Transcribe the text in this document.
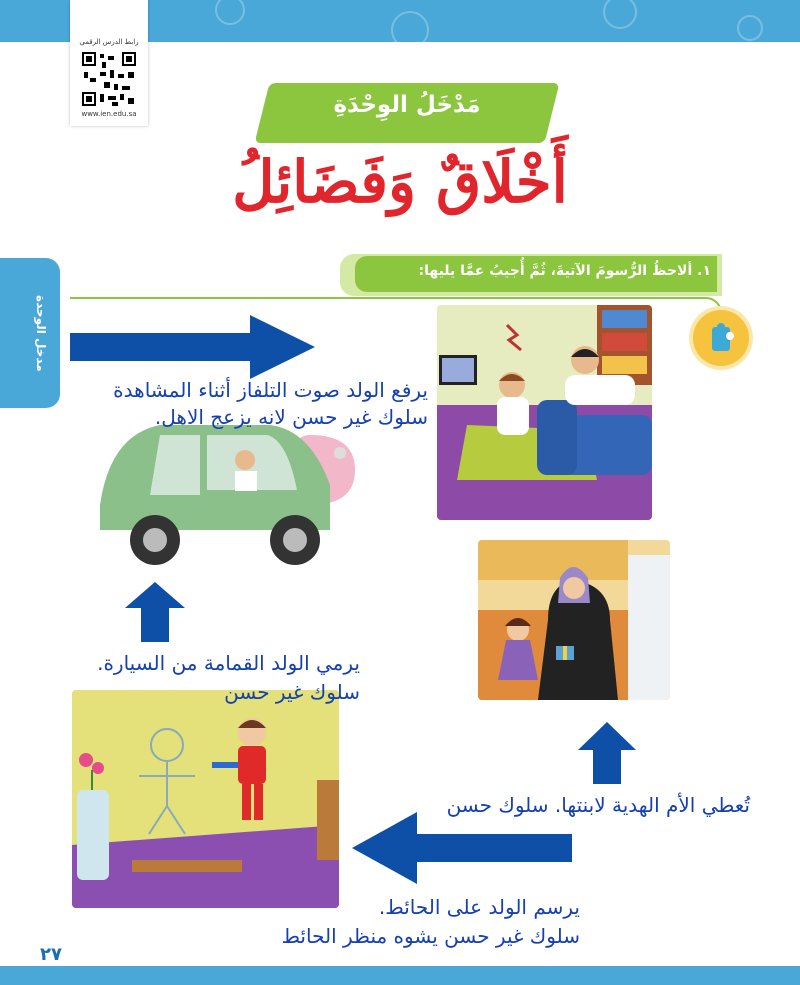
رابط الدرس الرقمي
www.ien.edu.sa
مدخل الوحدة
مَدْخَلُ الوِحْدَةِ
أَخْلَاقٌ وَفَضَائِلُ
١. ألاحظُ الرُّسومَ الآتيةَ، ثُمَّ أُجيبُ عمَّا يليها:
يرفع الولد صوت التلفاز أثناء المشاهدة
سلوك غير حسن لانه يزعج الاهل.
يرمي الولد القمامة من السيارة.
سلوك غير حسن
تُعطي الأم الهدية لابنتها. سلوك حسن
يرسم الولد على الحائط.
سلوك غير حسن يشوه منظر الحائط
٢٧
